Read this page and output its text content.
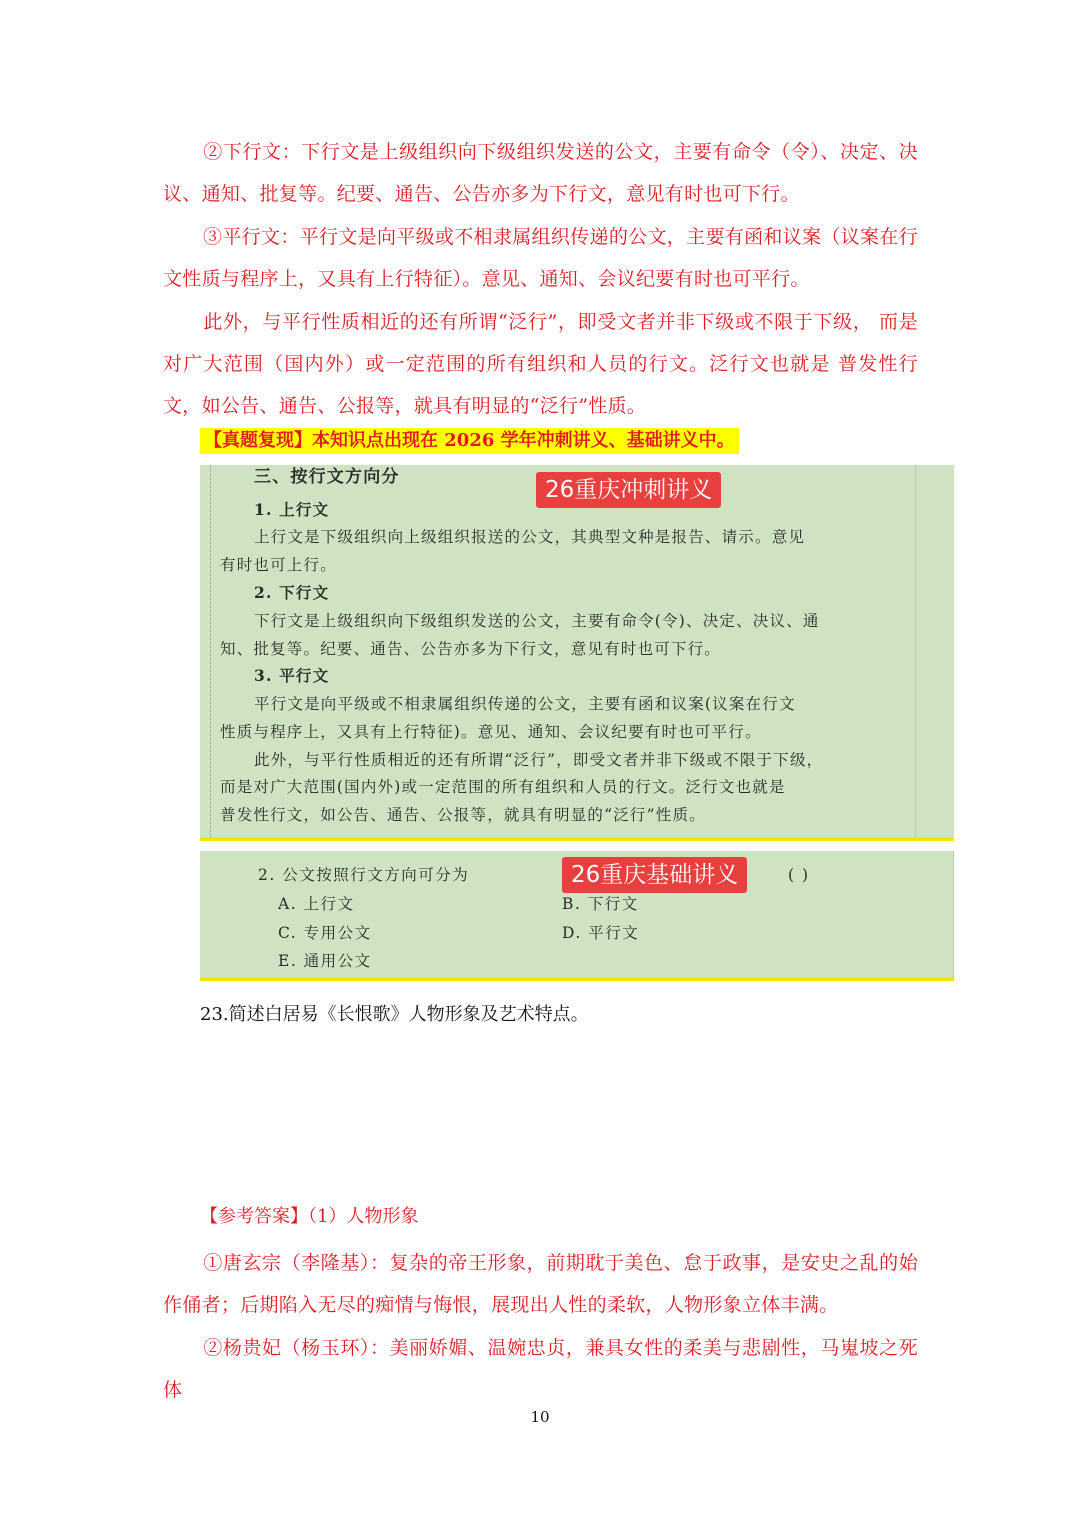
②下行文：下行文是上级组织向下级组织发送的公文，主要有命令（令）、决定、决议、通知、批复等。纪要、通告、公告亦多为下行文，意见有时也可下行。
③平行文：平行文是向平级或不相隶属组织传递的公文，主要有函和议案（议案在行文性质与程序上，又具有上行特征）。意见、通知、会议纪要有时也可平行。
此外，与平行性质相近的还有所谓“泛行”，即受文者并非下级或不限于下级， 而是对广大范围（国内外）或一定范围的所有组织和人员的行文。泛行文也就是 普发性行文，如公告、通告、公报等，就具有明显的“泛行”性质。
【真题复现】本知识点出现在 2026 学年冲刺讲义、基础讲义中。
三、按行文方向分	26重庆冲刺讲义
1. 上行文
上行文是下级组织向上级组织报送的公文，其典型文种是报告、请示。意见
有时也可上行。
2. 下行文
下行文是上级组织向下级组织发送的公文，主要有命令(令)、决定、决议、通
知、批复等。纪要、通告、公告亦多为下行文，意见有时也可下行。
3. 平行文
平行文是向平级或不相隶属组织传递的公文，主要有函和议案(议案在行文
性质与程序上，又具有上行特征)。意见、通知、会议纪要有时也可平行。
此外，与平行性质相近的还有所谓“泛行”，即受文者并非下级或不限于下级，
而是对广大范围(国内外)或一定范围的所有组织和人员的行文。泛行文也就是
普发性行文，如公告、通告、公报等，就具有明显的“泛行”性质。
2. 公文按照行文方向可分为	26重庆基础讲义	( )
A. 上行文	B. 下行文
C. 专用公文	D. 平行文
E. 通用公文
23.简述白居易《长恨歌》人物形象及艺术特点。
【参考答案】（1）人物形象
①唐玄宗（李隆基）：复杂的帝王形象，前期耽于美色、怠于政事，是安史之乱的始作俑者；后期陷入无尽的痴情与悔恨，展现出人性的柔软，人物形象立体丰满。
②杨贵妃（杨玉环）：美丽娇媚、温婉忠贞，兼具女性的柔美与悲剧性，马嵬坡之死体
10
